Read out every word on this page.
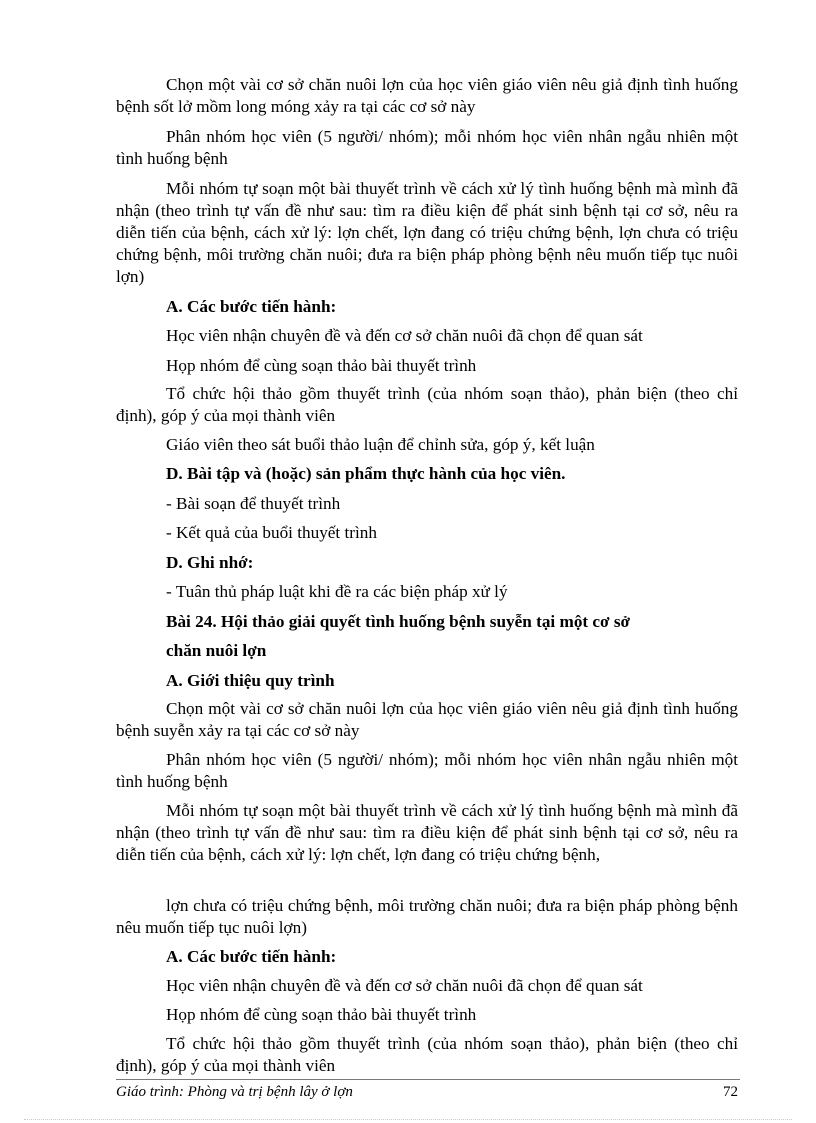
Chọn một vài cơ sở chăn nuôi lợn của học viên giáo viên nêu giả định tình huống bệnh sốt lở mồm long móng xảy ra tại các cơ sở này

Phân nhóm học viên (5 người/ nhóm); mỗi nhóm học viên nhân ngẫu nhiên một tình huống bệnh

Mỗi nhóm tự soạn một bài thuyết trình về cách xử lý tình huống bệnh mà mình đã nhận (theo trình tự vấn đề như sau: tìm ra điều kiện để phát sinh bệnh tại cơ sở, nêu ra diễn tiến của bệnh, cách xử lý: lợn chết, lợn đang có triệu chứng bệnh, lợn chưa có triệu chứng bệnh, môi trường chăn nuôi; đưa ra biện pháp phòng bệnh nêu muốn tiếp tục nuôi lợn)

A. Các bước tiến hành:

Học viên nhận chuyên đề và đến cơ sở chăn nuôi đã chọn để quan sát

Họp nhóm để cùng soạn thảo bài thuyết trình

Tổ chức hội thảo gồm thuyết trình (của nhóm soạn thảo), phản biện (theo chỉ định), góp ý của mọi thành viên

Giáo viên theo sát buổi thảo luận để chỉnh sửa, góp ý, kết luận

D. Bài tập và (hoặc) sản phẩm thực hành của học viên.

- Bài soạn để thuyết trình

- Kết quả của buổi thuyết trình

D. Ghi nhớ:

- Tuân thủ pháp luật khi đề ra các biện pháp xử lý

Bài 24. Hội thảo giải quyết tình huống bệnh suyễn tại một cơ sở

chăn nuôi lợn

A. Giới thiệu quy trình

Chọn một vài cơ sở chăn nuôi lợn của học viên giáo viên nêu giả định tình huống bệnh suyễn xảy ra tại các cơ sở này

Phân nhóm học viên (5 người/ nhóm); mỗi nhóm học viên nhân ngẫu nhiên một tình huống bệnh

Mỗi nhóm tự soạn một bài thuyết trình về cách xử lý tình huống bệnh mà mình đã nhận (theo trình tự vấn đề như sau: tìm ra điều kiện để phát sinh bệnh tại cơ sở, nêu ra diễn tiến của bệnh, cách xử lý: lợn chết, lợn đang có triệu chứng bệnh,

lợn chưa có triệu chứng bệnh, môi trường chăn nuôi; đưa ra biện pháp phòng bệnh nêu muốn tiếp tục nuôi lợn)

A. Các bước tiến hành:

Học viên nhận chuyên đề và đến cơ sở chăn nuôi đã chọn để quan sát

Họp nhóm để cùng soạn thảo bài thuyết trình

Tổ chức hội thảo gồm thuyết trình (của nhóm soạn thảo), phản biện (theo chỉ định), góp ý của mọi thành viên

Giáo trình: Phòng và trị bệnh lây ở lợn	72
